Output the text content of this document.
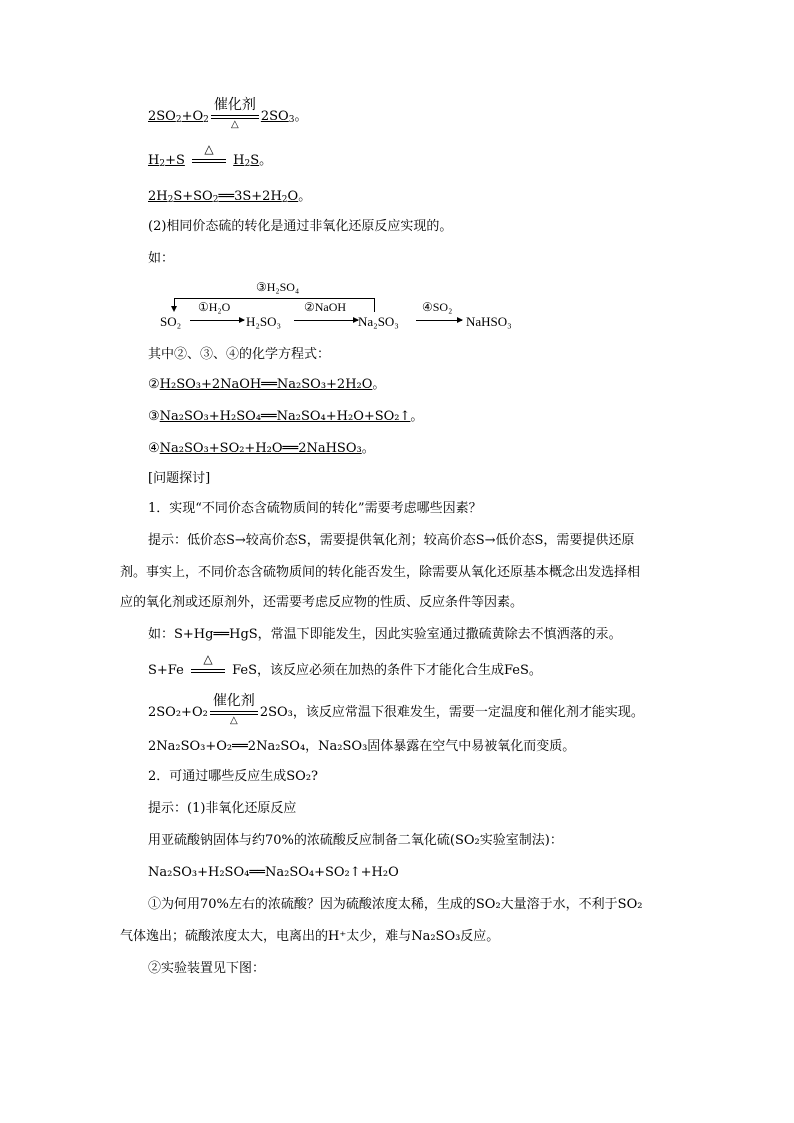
$2SO_2+O_2$
催化剂
△
$2SO_3$。
$H_2+S$
△
$H_2S$。
$2H_2S+SO_2══3S+2H_2O$。
(2)相同价态硫的转化是通过非氧化还原反应实现的。
如：
③H₂SO₄
SO₂
①H₂O
H₂SO₃
②NaOH
Na₂SO₃
④SO₂
NaHSO₃
其中②、③、④的化学方程式：
②H₂SO₃+2NaOH══Na₂SO₃+2H₂O。
③Na₂SO₃+H₂SO₄══Na₂SO₄+H₂O+SO₂↑。
④Na₂SO₃+SO₂+H₂O══2NaHSO₃。
[问题探讨]
1．实现“不同价态含硫物质间的转化”需要考虑哪些因素？
提示：低价态S→较高价态S，需要提供氧化剂；较高价态S→低价态S，需要提供还原
剂。事实上，不同价态含硫物质间的转化能否发生，除需要从氧化还原基本概念出发选择相
应的氧化剂或还原剂外，还需要考虑反应物的性质、反应条件等因素。
如：S+Hg══HgS，常温下即能发生，因此实验室通过撒硫黄除去不慎洒落的汞。
S+Fe
△
FeS，该反应必须在加热的条件下才能化合生成FeS。
2SO₂+O₂
催化剂
△
2SO₃，该反应常温下很难发生，需要一定温度和催化剂才能实现。
2Na₂SO₃+O₂══2Na₂SO₄，Na₂SO₃固体暴露在空气中易被氧化而变质。
2．可通过哪些反应生成SO₂?
提示：(1)非氧化还原反应
用亚硫酸钠固体与约70%的浓硫酸反应制备二氧化硫(SO₂实验室制法)：
Na₂SO₃+H₂SO₄══Na₂SO₄+SO₂↑+H₂O
①为何用70%左右的浓硫酸？因为硫酸浓度太稀，生成的SO₂大量溶于水，不利于SO₂
气体逸出；硫酸浓度太大，电离出的H⁺太少，难与Na₂SO₃反应。
②实验装置见下图：
